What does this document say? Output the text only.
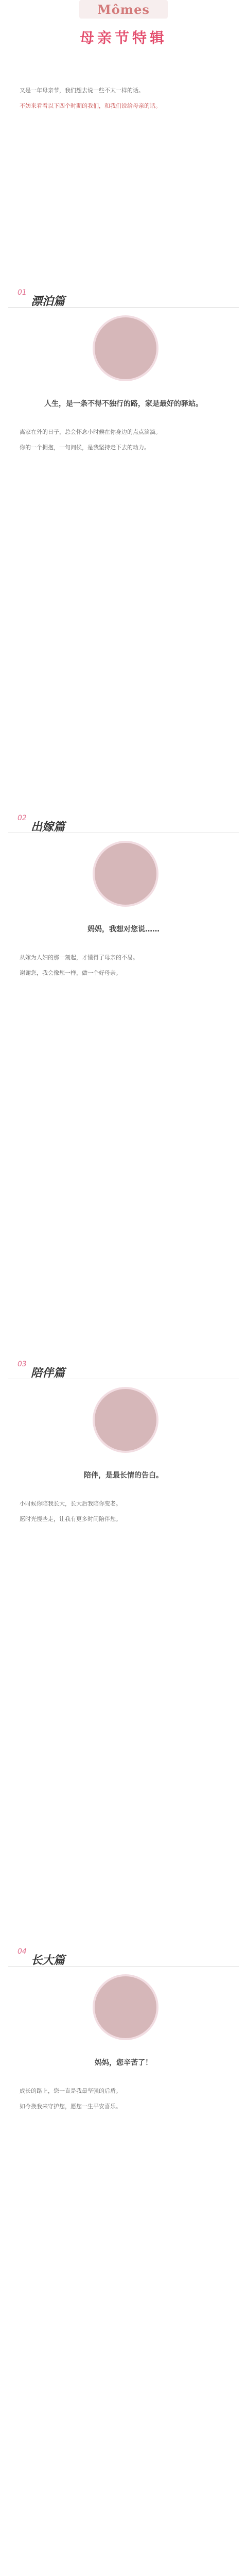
Mômes
母亲节特辑

又是一年母亲节，我们想去说一些不太一样的话。

不妨来看看以下四个时期的我们，和我们说给母亲的话。

01
漂泊篇
人生，是一条不得不独行的路，家是最好的驿站。

离家在外的日子，总会怀念小时候在你身边的点点滴滴。

你的一个拥抱，一句问候，是我坚持走下去的动力。

02
出嫁篇
妈妈，我想对您说……

从嫁为人妇的那一刻起，才懂得了母亲的不易。

谢谢您，我会像您一样，做一个好母亲。

03
陪伴篇
陪伴，是最长情的告白。

小时候你陪我长大，长大后我陪你变老。

愿时光慢些走，让我有更多时间陪伴您。

04
长大篇
妈妈，您辛苦了！

成长的路上，您一直是我最坚强的后盾。

如今换我来守护您，愿您一生平安喜乐。
